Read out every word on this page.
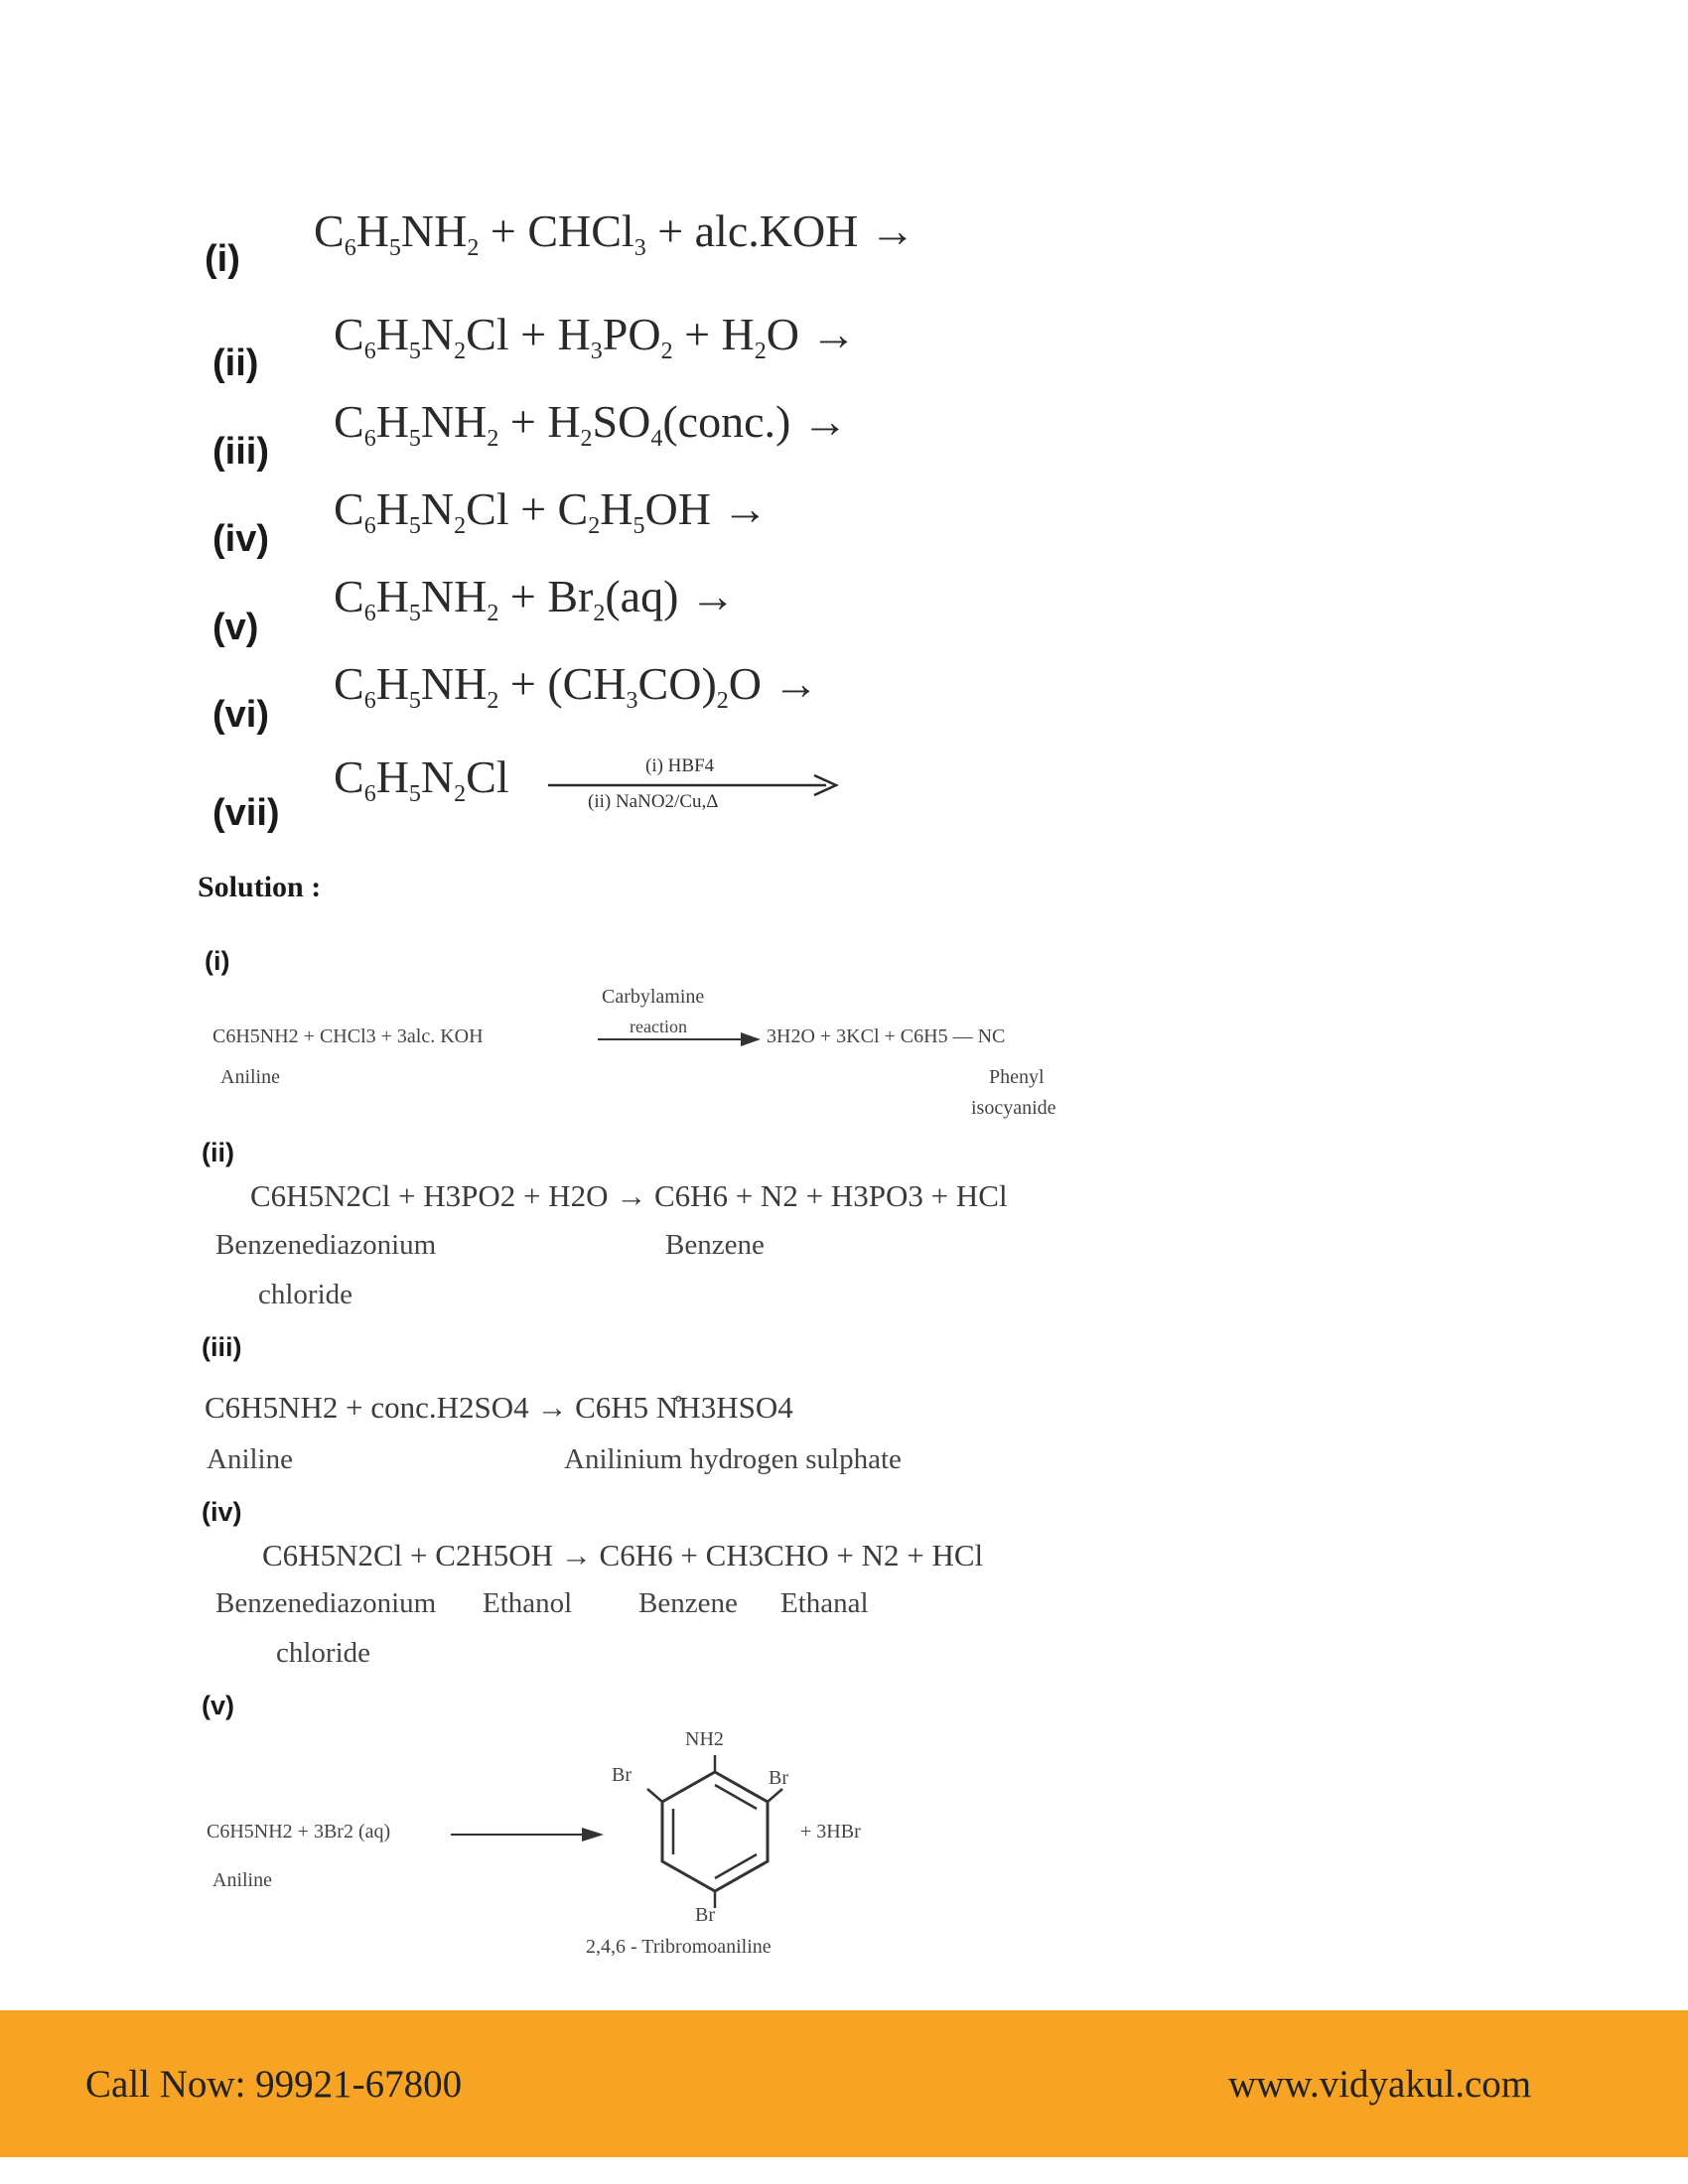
(i)
$C_6H_5NH_2$ + CHCl$_3$ + alc.KOH →
(ii)
$C_6H_5N_2Cl + H_3PO_2 + H_2O$ →
(iii)
$C_6H_5NH_2$ + $H_2SO_4(conc.)$ →
(iv)
$C_6H_5N_2Cl + C_2H_5OH$ →
(v)
$C_6H_5NH_2 + Br_2(aq)$ →
(vi)
$C_6H_5NH_2 + (CH_3CO)_2O$ →
(vii)
$C_6H_5N_2Cl$	(i) HBF4
(ii) NaNO2/Cu,Δ
Solution :
(i)
C6H5NH2 + CHCl3 + 3alc. KOH
Carbylamine
reaction	3H2O + 3KCl + C6H5 — NC
Aniline	Phenyl
isocyanide
(ii)
C6H5N2Cl + H3PO2 + H2O → C6H6 + N2 + H3PO3 + HCl
Benzenediazonium	Benzene
chloride
(iii)
C6H5NH2 + conc.H2SO4 → C6H5 N̊H3HSO4
Aniline	Anilinium hydrogen sulphate
(iv)
C6H5N2Cl + C2H5OH → C6H6 + CH3CHO + N2 + HCl
Benzenediazonium Ethanol Benzene Ethanal
chloride
(v)
C6H5NH2 + 3Br2 (aq)
Aniline
NH2
Br	Br
Br
+ 3HBr
2,4,6 - Tribromoaniline
Call Now: 99921-67800	www.vidyakul.com
